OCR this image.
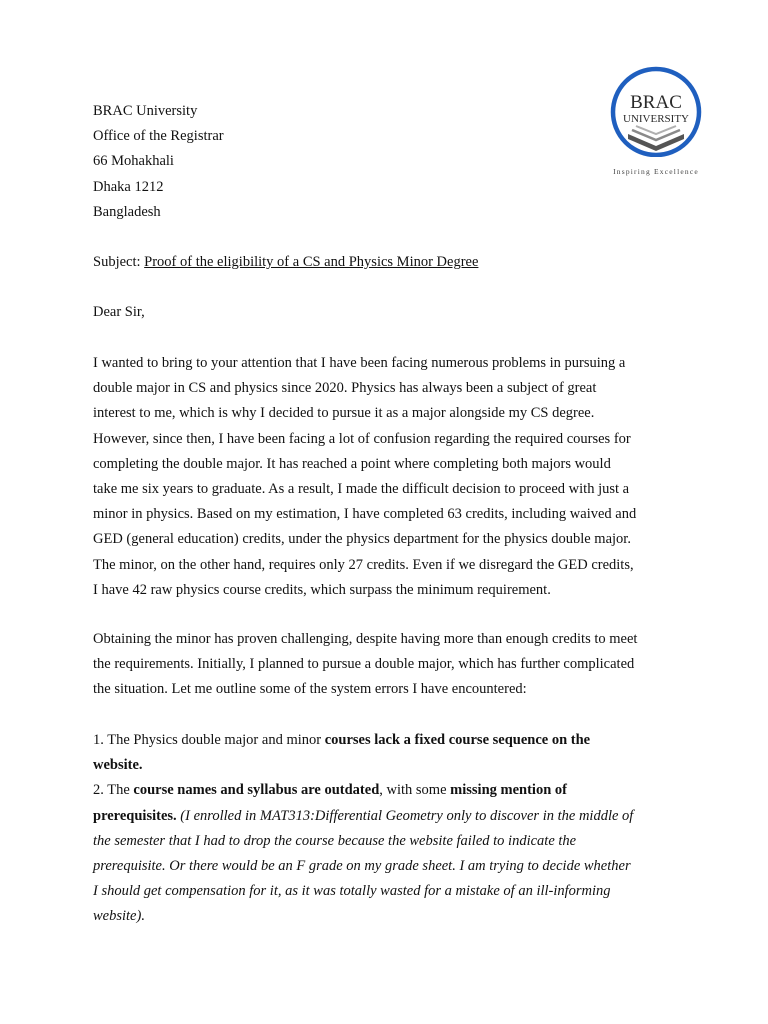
BRAC
UNIVERSITY
Inspiring Excellence
BRAC University
Office of the Registrar
66 Mohakhali
Dhaka 1212
Bangladesh
Subject: Proof of the eligibility of a CS and Physics Minor Degree
Dear Sir,
I wanted to bring to your attention that I have been facing numerous problems in pursuing a
double major in CS and physics since 2020. Physics has always been a subject of great
interest to me, which is why I decided to pursue it as a major alongside my CS degree.
However, since then, I have been facing a lot of confusion regarding the required courses for
completing the double major. It has reached a point where completing both majors would
take me six years to graduate. As a result, I made the difficult decision to proceed with just a
minor in physics. Based on my estimation, I have completed 63 credits, including waived and
GED (general education) credits, under the physics department for the physics double major.
The minor, on the other hand, requires only 27 credits. Even if we disregard the GED credits,
I have 42 raw physics course credits, which surpass the minimum requirement.
Obtaining the minor has proven challenging, despite having more than enough credits to meet
the requirements. Initially, I planned to pursue a double major, which has further complicated
the situation. Let me outline some of the system errors I have encountered:
1. The Physics double major and minor courses lack a fixed course sequence on the
website.
2. The course names and syllabus are outdated, with some missing mention of
prerequisites. (I enrolled in MAT313:Differential Geometry only to discover in the middle of
the semester that I had to drop the course because the website failed to indicate the
prerequisite. Or there would be an F grade on my grade sheet. I am trying to decide whether
I should get compensation for it, as it was totally wasted for a mistake of an ill-informing
website).
